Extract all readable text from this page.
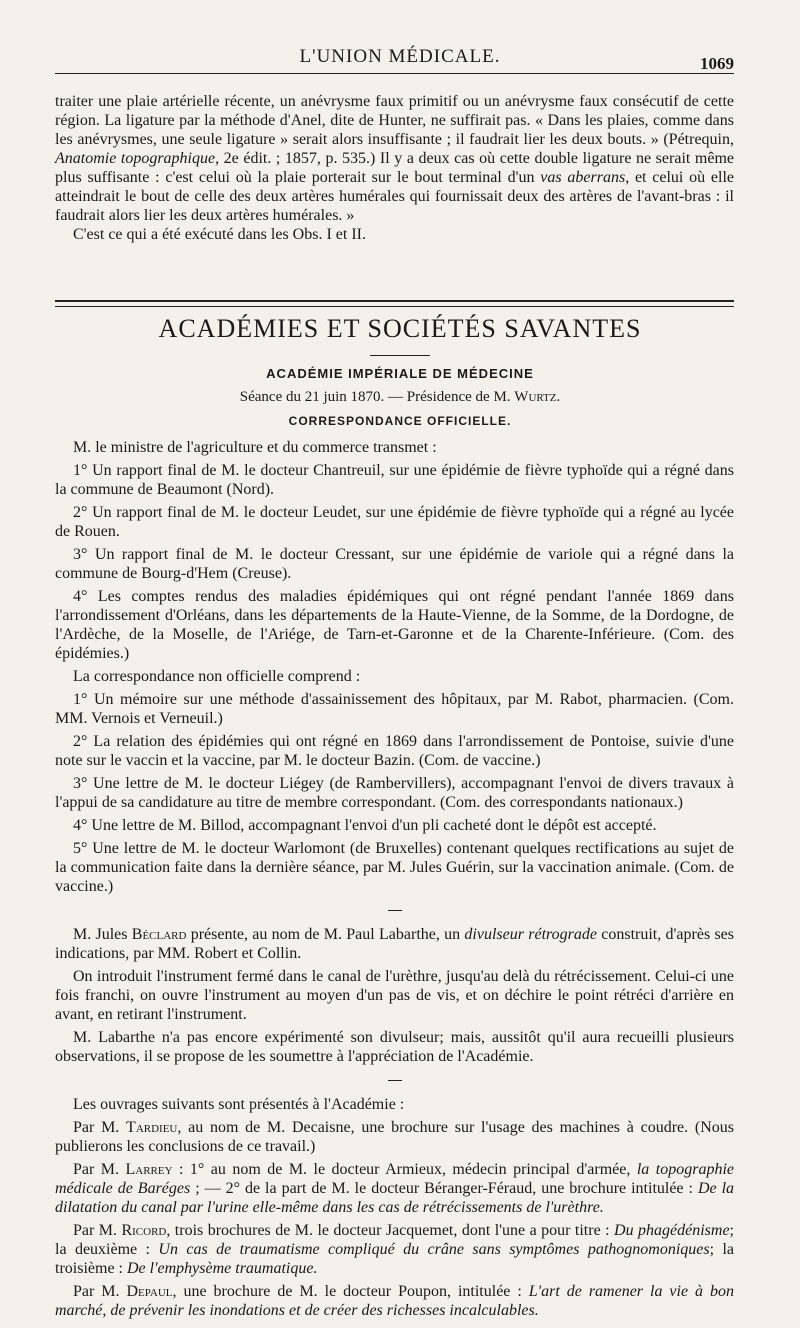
L'UNION MÉDICALE.	1069

traiter une plaie artérielle récente, un anévrysme faux primitif ou un anévrysme faux consécutif de cette région. La ligature par la méthode d'Anel, dite de Hunter, ne suffirait pas. « Dans les plaies, comme dans les anévrysmes, une seule ligature » serait alors insuffisante ; il faudrait lier les deux bouts. » (Pétrequin, Anatomie topographique, 2e édit. ; 1857, p. 535.) Il y a deux cas où cette double ligature ne serait même plus suffisante : c'est celui où la plaie porterait sur le bout terminal d'un vas aberrans, et celui où elle atteindrait le bout de celle des deux artères humérales qui fournissait deux des artères de l'avant-bras : il faudrait alors lier les deux artères humérales. »

C'est ce qui a été exécuté dans les Obs. I et II.

ACADÉMIES ET SOCIÉTÉS SAVANTES
ACADÉMIE IMPÉRIALE DE MÉDECINE
Séance du 21 juin 1870. — Présidence de M. Wurtz.
CORRESPONDANCE OFFICIELLE.

M. le ministre de l'agriculture et du commerce transmet :

1° Un rapport final de M. le docteur Chantreuil, sur une épidémie de fièvre typhoïde qui a régné dans la commune de Beaumont (Nord).

2° Un rapport final de M. le docteur Leudet, sur une épidémie de fièvre typhoïde qui a régné au lycée de Rouen.

3° Un rapport final de M. le docteur Cressant, sur une épidémie de variole qui a régné dans la commune de Bourg-d'Hem (Creuse).

4° Les comptes rendus des maladies épidémiques qui ont régné pendant l'année 1869 dans l'arrondissement d'Orléans, dans les départements de la Haute-Vienne, de la Somme, de la Dordogne, de l'Ardèche, de la Moselle, de l'Ariége, de Tarn-et-Garonne et de la Charente-Inférieure. (Com. des épidémies.)

La correspondance non officielle comprend :

1° Un mémoire sur une méthode d'assainissement des hôpitaux, par M. Rabot, pharmacien. (Com. MM. Vernois et Verneuil.)

2° La relation des épidémies qui ont régné en 1869 dans l'arrondissement de Pontoise, suivie d'une note sur le vaccin et la vaccine, par M. le docteur Bazin. (Com. de vaccine.)

3° Une lettre de M. le docteur Liégey (de Rambervillers), accompagnant l'envoi de divers travaux à l'appui de sa candidature au titre de membre correspondant. (Com. des correspondants nationaux.)

4° Une lettre de M. Billod, accompagnant l'envoi d'un pli cacheté dont le dépôt est accepté.

5° Une lettre de M. le docteur Warlomont (de Bruxelles) contenant quelques rectifications au sujet de la communication faite dans la dernière séance, par M. Jules Guérin, sur la vaccination animale. (Com. de vaccine.)

M. Jules Béclard présente, au nom de M. Paul Labarthe, un divulseur rétrograde construit, d'après ses indications, par MM. Robert et Collin.

On introduit l'instrument fermé dans le canal de l'urèthre, jusqu'au delà du rétrécissement. Celui-ci une fois franchi, on ouvre l'instrument au moyen d'un pas de vis, et on déchire le point rétréci d'arrière en avant, en retirant l'instrument.

M. Labarthe n'a pas encore expérimenté son divulseur; mais, aussitôt qu'il aura recueilli plusieurs observations, il se propose de les soumettre à l'appréciation de l'Académie.

Les ouvrages suivants sont présentés à l'Académie :

Par M. Tardieu, au nom de M. Decaisne, une brochure sur l'usage des machines à coudre. (Nous publierons les conclusions de ce travail.)

Par M. Larrey : 1° au nom de M. le docteur Armieux, médecin principal d'armée, la topographie médicale de Baréges ; — 2° de la part de M. le docteur Béranger-Féraud, une brochure intitulée : De la dilatation du canal par l'urine elle-même dans les cas de rétrécissements de l'urèthre.

Par M. Ricord, trois brochures de M. le docteur Jacquemet, dont l'une a pour titre : Du phagédénisme; la deuxième : Un cas de traumatisme compliqué du crâne sans symptômes pathognomoniques; la troisième : De l'emphysème traumatique.

Par M. Depaul, une brochure de M. le docteur Poupon, intitulée : L'art de ramener la vie à bon marché, de prévenir les inondations et de créer des richesses incalculables.
